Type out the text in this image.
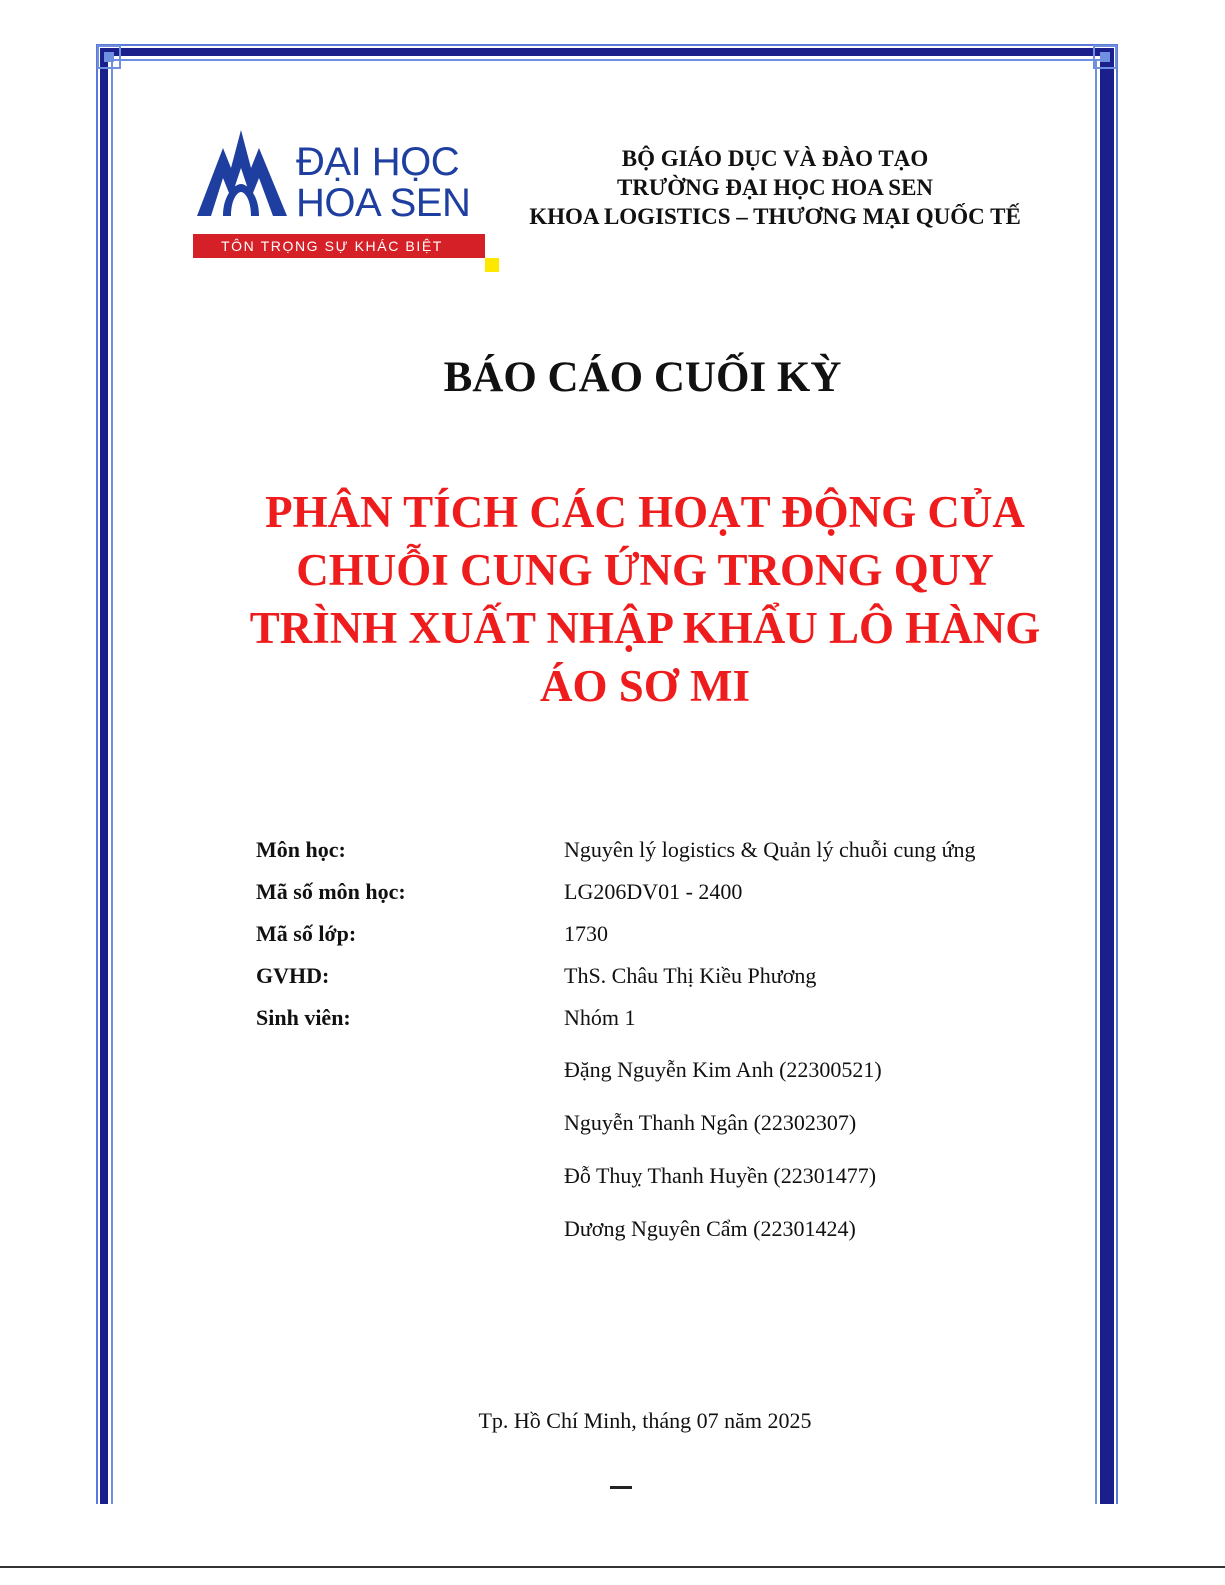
ĐẠI HỌC
HOA SEN
TÔN TRỌNG SỰ KHÁC BIỆT
BỘ GIÁO DỤC VÀ ĐÀO TẠO
TRƯỜNG ĐẠI HỌC HOA SEN
KHOA LOGISTICS – THƯƠNG MẠI QUỐC TẾ
BÁO CÁO CUỐI KỲ
PHÂN TÍCH CÁC HOẠT ĐỘNG CỦA
CHUỖI CUNG ỨNG TRONG QUY
TRÌNH XUẤT NHẬP KHẨU LÔ HÀNG
ÁO SƠ MI
Môn học:	Nguyên lý logistics & Quản lý chuỗi cung ứng
Mã số môn học:	LG206DV01 - 2400
Mã số lớp:	1730
GVHD:	ThS. Châu Thị Kiều Phương
Sinh viên:	Nhóm 1
Đặng Nguyễn Kim Anh (22300521)
Nguyễn Thanh Ngân (22302307)
Đỗ Thuỵ Thanh Huyền (22301477)
Dương Nguyên Cẩm (22301424)
Tp. Hồ Chí Minh, tháng 07 năm 2025
